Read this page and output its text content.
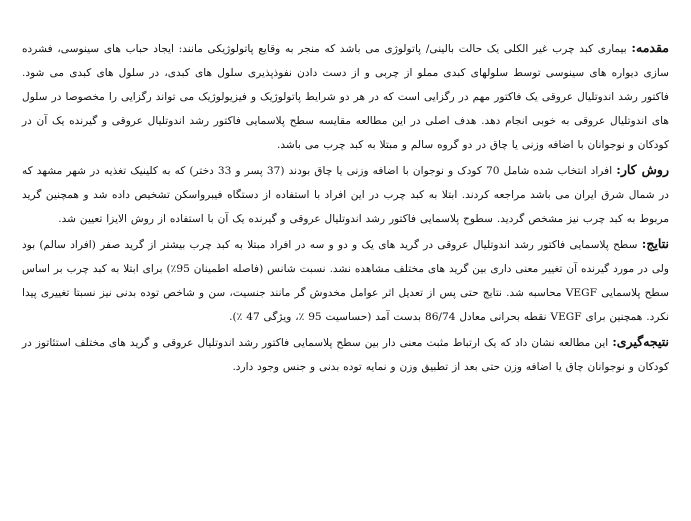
مقدمه: بیماری کبد چرب غیر الکلی یک حالت بالینی/ پاتولوژی می باشد که منجر به وقایع پاتولوژیکی مانند: ایجاد حباب های سینوسی، فشرده سازی دیواره های سینوسی توسط سلولهای کبدی مملو از چربی و از دست دادن نفوذپذیری سلول های کبدی، در سلول های کبدی می شود. فاکتور رشد اندوتلیال عروقی یک فاکتور مهم در رگزایی است که در هر دو شرایط پاتولوژیک و فیزیولوژیک می تواند رگزایی را مخصوصا در سلول های اندوتلیال عروقی به خوبی انجام دهد. هدف اصلی در این مطالعه مقایسه سطح پلاسمایی فاکتور رشد اندوتلیال عروقی و گیرنده یک آن در کودکان و نوجوانان با اضافه وزنی یا چاق در دو گروه سالم و مبتلا به کبد چرب می باشد.

روش کار: افراد انتخاب شده شامل 70 کودک و نوجوان با اضافه وزنی یا چاق بودند (37 پسر و 33 دختر) که به کلینیک تغذیه در شهر مشهد که در شمال شرق ایران می باشد مراجعه کردند. ابتلا به کبد چرب در این افراد با استفاده از دستگاه فیبرواسکن تشخیص داده شد و همچنین گرید مربوط به کبد چرب نیز مشخص گردید. سطوح پلاسمایی فاکتور رشد اندوتلیال عروقی و گیرنده یک آن با استفاده از روش الایزا تعیین شد.

نتایج: سطح پلاسمایی فاکتور رشد اندوتلیال عروقی در گرید های یک و دو و سه در افراد مبتلا به کبد چرب بیشتر از گرید صفر (افراد سالم) بود ولی در مورد گیرنده آن تغییر معنی داری بین گرید های مختلف مشاهده نشد. نسبت شانس (فاصله اطمینان 95٪) برای ابتلا به کبد چرب بر اساس سطح پلاسمایی VEGF محاسبه شد. نتایج حتی پس از تعدیل اثر عوامل مخدوش گر مانند جنسیت، سن و شاخص توده بدنی نیز نسبتا تغییری پیدا نکرد. همچنین برای VEGF نقطه بحرانی معادل 86/74 بدست آمد (حساسیت 95 ٪، ویژگی 47 ٪).

نتیجه‌گیری: این مطالعه نشان داد که یک ارتباط مثبت معنی دار بین سطح پلاسمایی فاکتور رشد اندوتلیال عروقی و گرید های مختلف استئاتوز در کودکان و نوجوانان چاق یا اضافه وزن حتی بعد از تطبیق وزن و نمایه توده بدنی و جنس وجود دارد.
